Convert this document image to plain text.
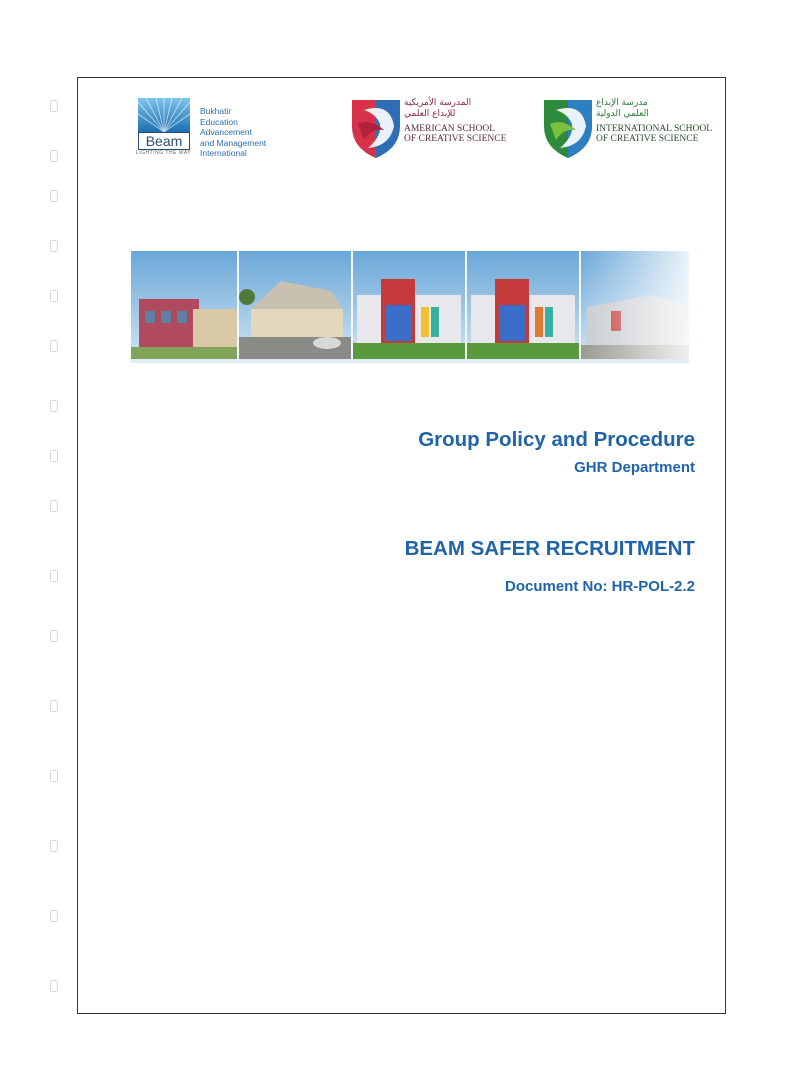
Beam
LIGHTING THE WAY
Bukhatir
Education
Advancement
and Management
International
المدرسة الأمريكية
للإبداع العلمي
AMERICAN SCHOOL
OF CREATIVE SCIENCE
مدرسة الإبداع
العلمي الدولية
INTERNATIONAL SCHOOL
OF CREATIVE SCIENCE
Group Policy and Procedure
GHR Department
BEAM SAFER RECRUITMENT
Document No: HR-POL-2.2
